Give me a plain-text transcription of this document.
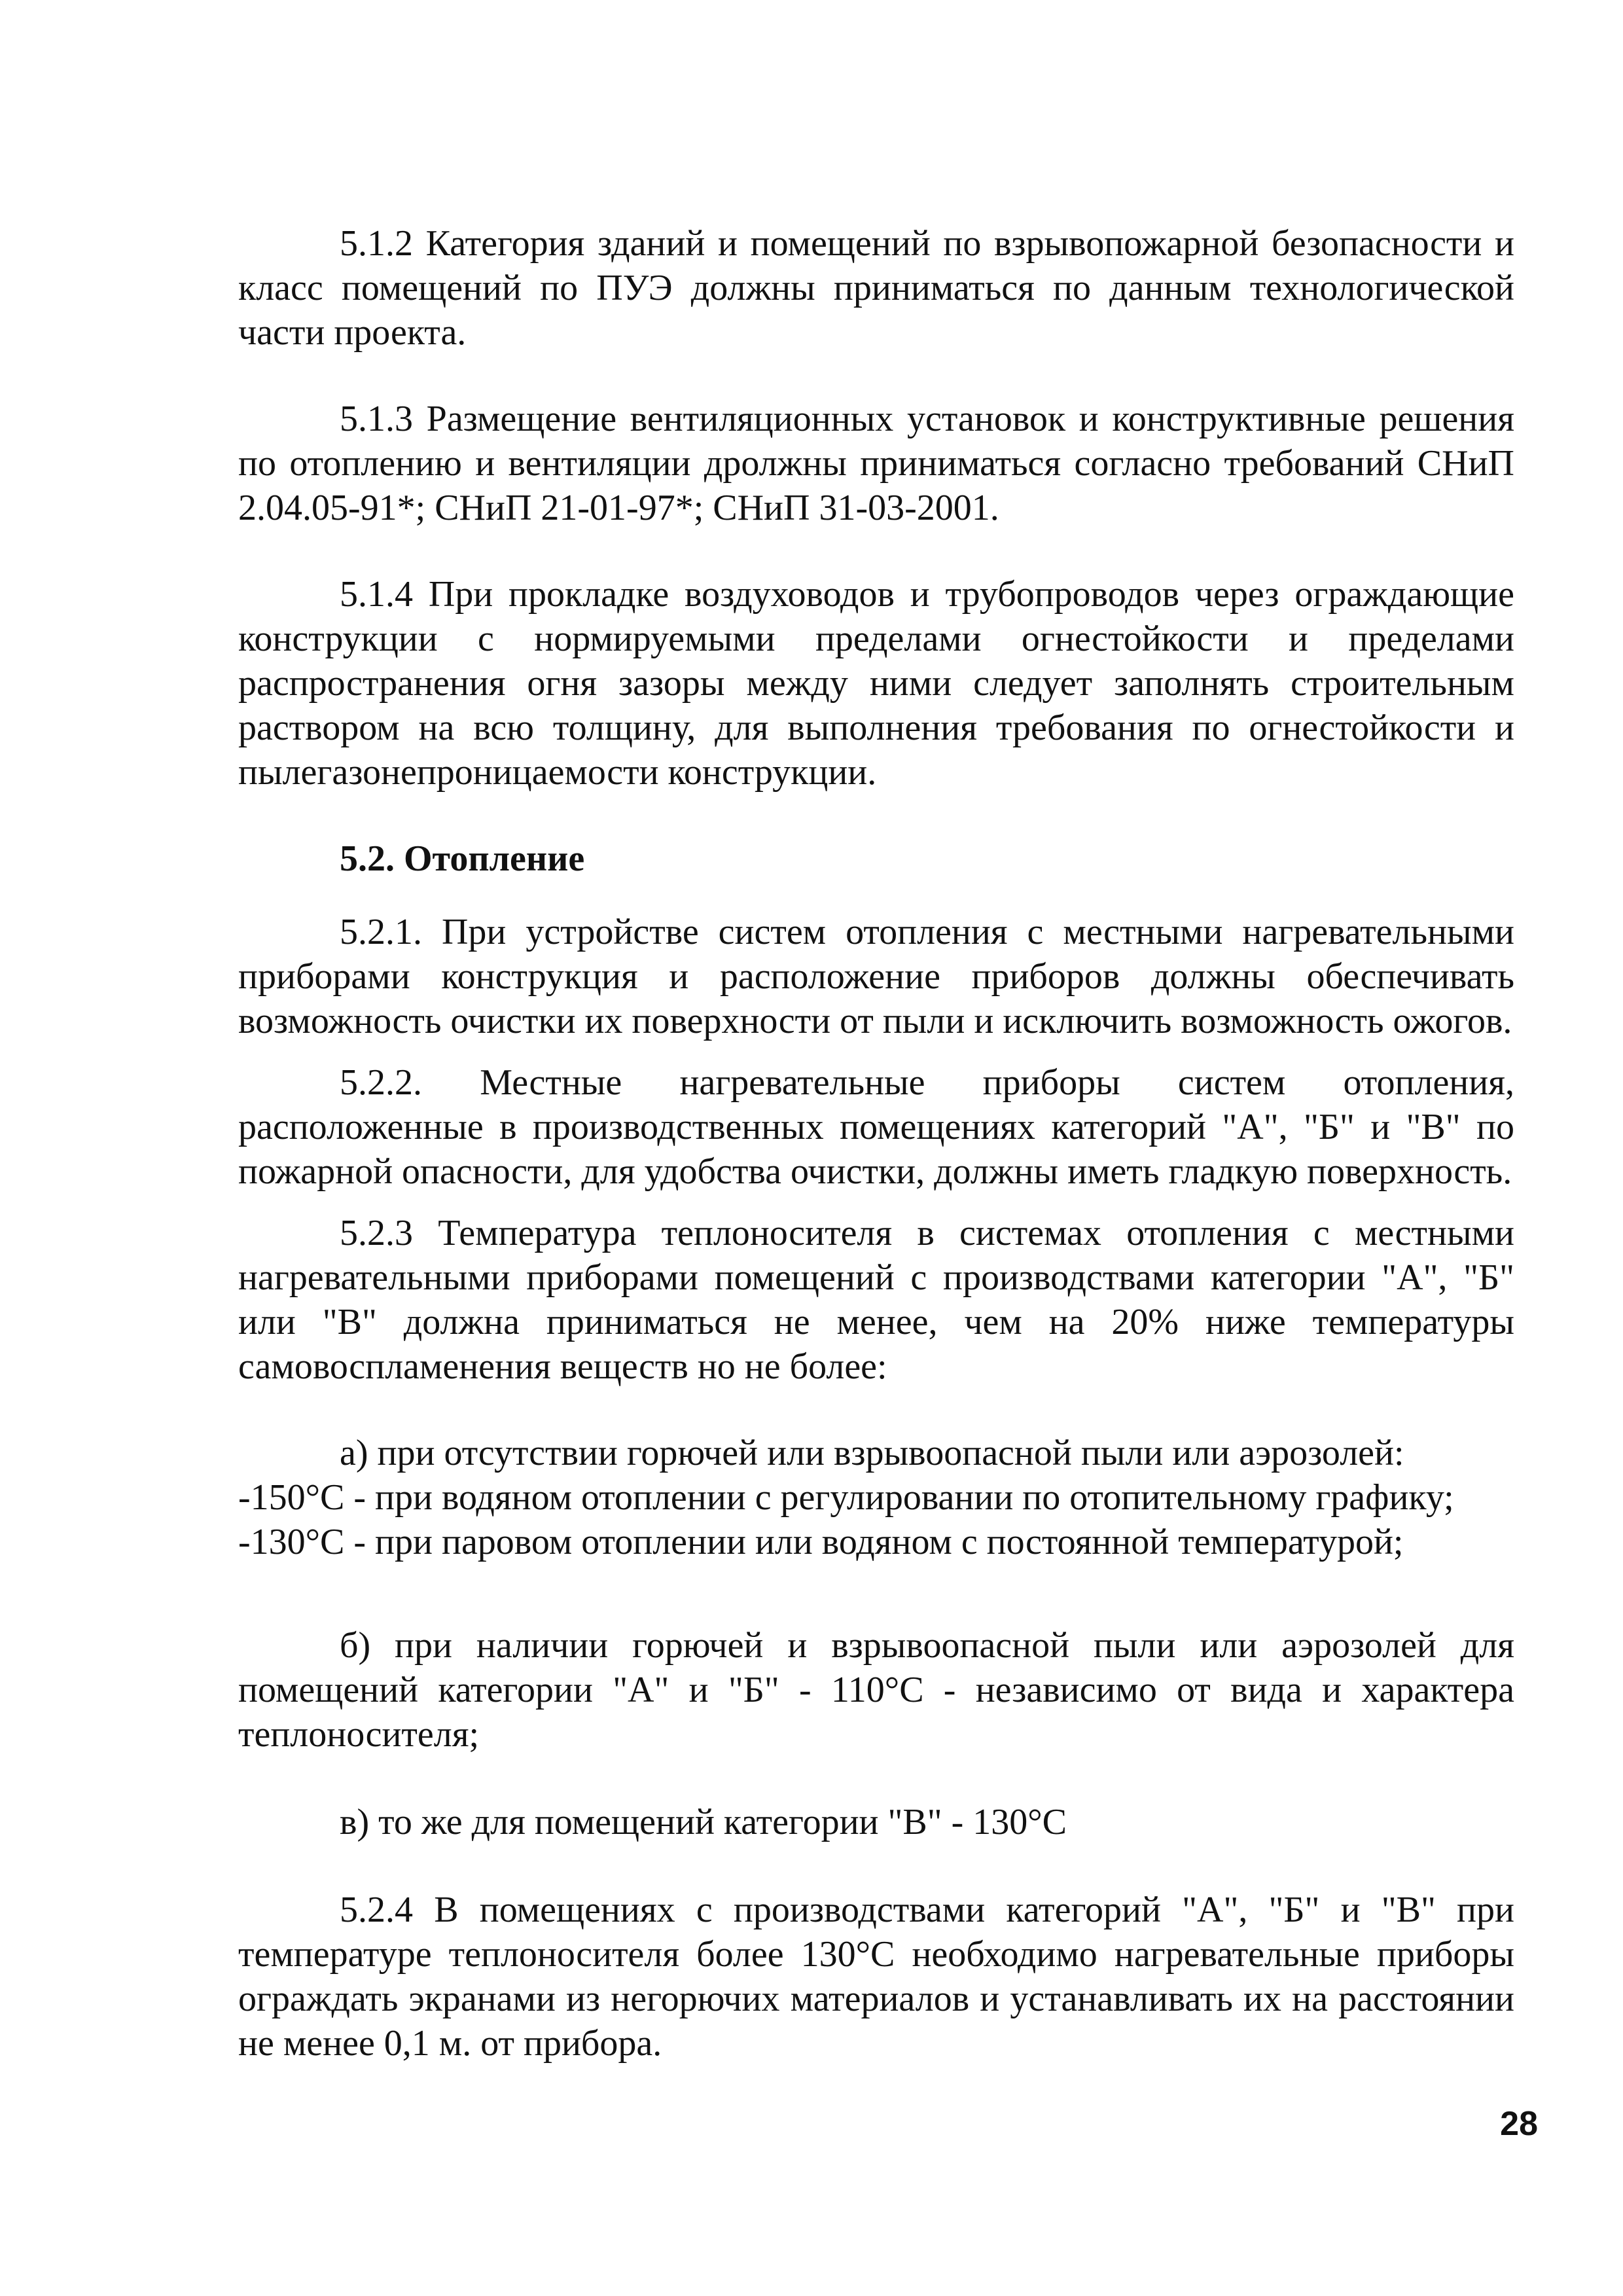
5.1.2 Категория зданий и помещений по взрывопожарной безопасности и класс помещений по ПУЭ должны приниматься по данным технологической части проекта.

5.1.3 Размещение вентиляционных установок и конструктивные решения по отоплению и вентиляции дролжны приниматься согласно требований СНиП 2.04.05-91*; СНиП 21-01-97*; СНиП 31-03-2001.

5.1.4 При прокладке воздуховодов и трубопроводов через ограждающие конструкции с нормируемыми пределами огнестойкости и пределами распространения огня зазоры между ними следует заполнять строительным раствором на всю толщину, для выполнения требования по огнестойкости и пылегазонепроницаемости конструкции.

5.2. Отопление

5.2.1. При устройстве систем отопления с местными нагревательными приборами конструкция и расположение приборов должны обеспечивать возможность очистки их поверхности от пыли и исключить возможность ожогов.

5.2.2. Местные нагревательные приборы систем отопления, расположенные в производственных помещениях категорий "А", "Б" и "В" по пожарной опасности, для удобства очистки, должны иметь гладкую поверхность.

5.2.3 Температура теплоносителя в системах отопления с местными нагревательными приборами помещений с производствами категории "А", "Б" или "В" должна приниматься не менее, чем на 20% ниже температуры самовоспламенения веществ но не более:

а) при отсутствии горючей или взрывоопасной пыли или аэрозолей:

-150°С - при водяном отоплении с регулировании по отопительному графику;

-130°С - при паровом отоплении или водяном с постоянной температурой;

б) при наличии горючей и взрывоопасной пыли или аэрозолей для помещений категории "А" и "Б" - 110°С - независимо от вида и характера теплоносителя;

в) то же для помещений категории "В" - 130°С

5.2.4 В помещениях с производствами категорий "А", "Б" и "В" при температуре теплоносителя более 130°С необходимо нагревательные приборы ограждать экранами из негорючих материалов и устанавливать их на расстоянии не менее 0,1 м. от прибора.

28
